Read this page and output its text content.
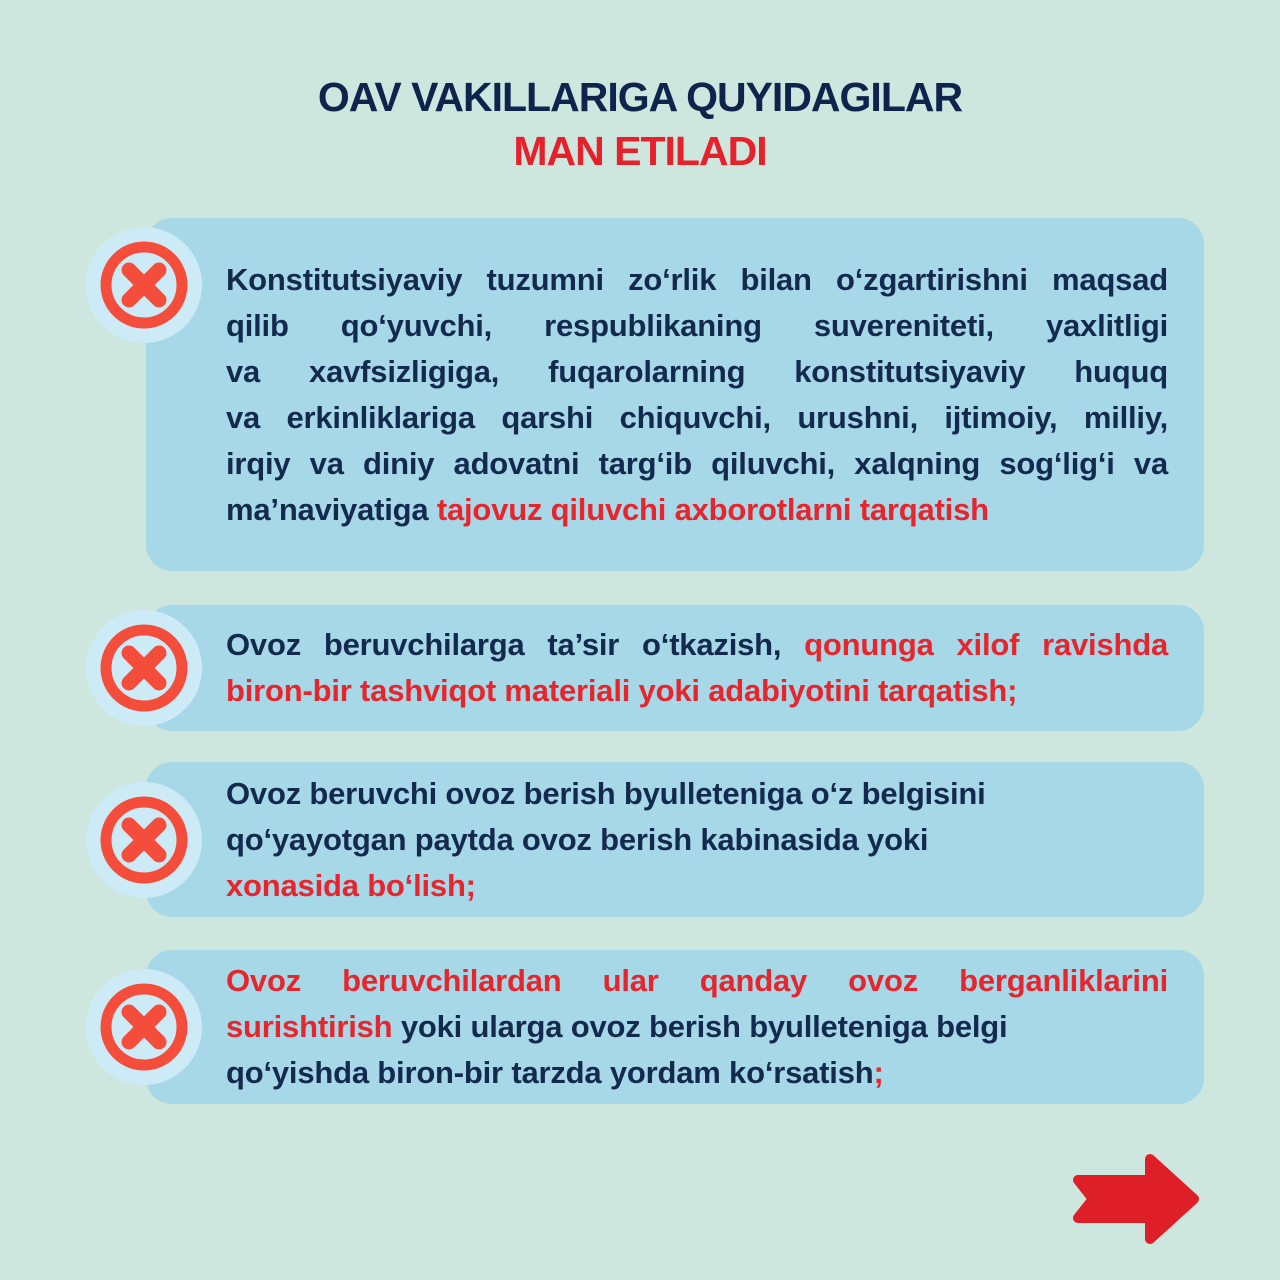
OAV VAKILLARIGA QUYIDAGILAR
MAN ETILADI
Konstitutsiyaviy tuzumni zo‘rlik bilan o‘zgartirishni maqsad
qilib qo‘yuvchi, respublikaning suvereniteti, yaxlitligi
va xavfsizligiga, fuqarolarning konstitutsiyaviy huquq
va erkinliklariga qarshi chiquvchi, urushni, ijtimoiy, milliy,
irqiy va diniy adovatni targ‘ib qiluvchi, xalqning sog‘lig‘i va
ma’naviyatiga tajovuz qiluvchi axborotlarni tarqatish
Ovoz beruvchilarga ta’sir o‘tkazish, qonunga xilof ravishda
biron-bir tashviqot materiali yoki adabiyotini tarqatish;
Ovoz beruvchi ovoz berish byulleteniga o‘z belgisini
qo‘yayotgan paytda ovoz berish kabinasida yoki
xonasida bo‘lish;
Ovoz beruvchilardan ular qanday ovoz berganliklarini
surishtirish yoki ularga ovoz berish byulleteniga belgi
qo‘yishda biron-bir tarzda yordam ko‘rsatish;
